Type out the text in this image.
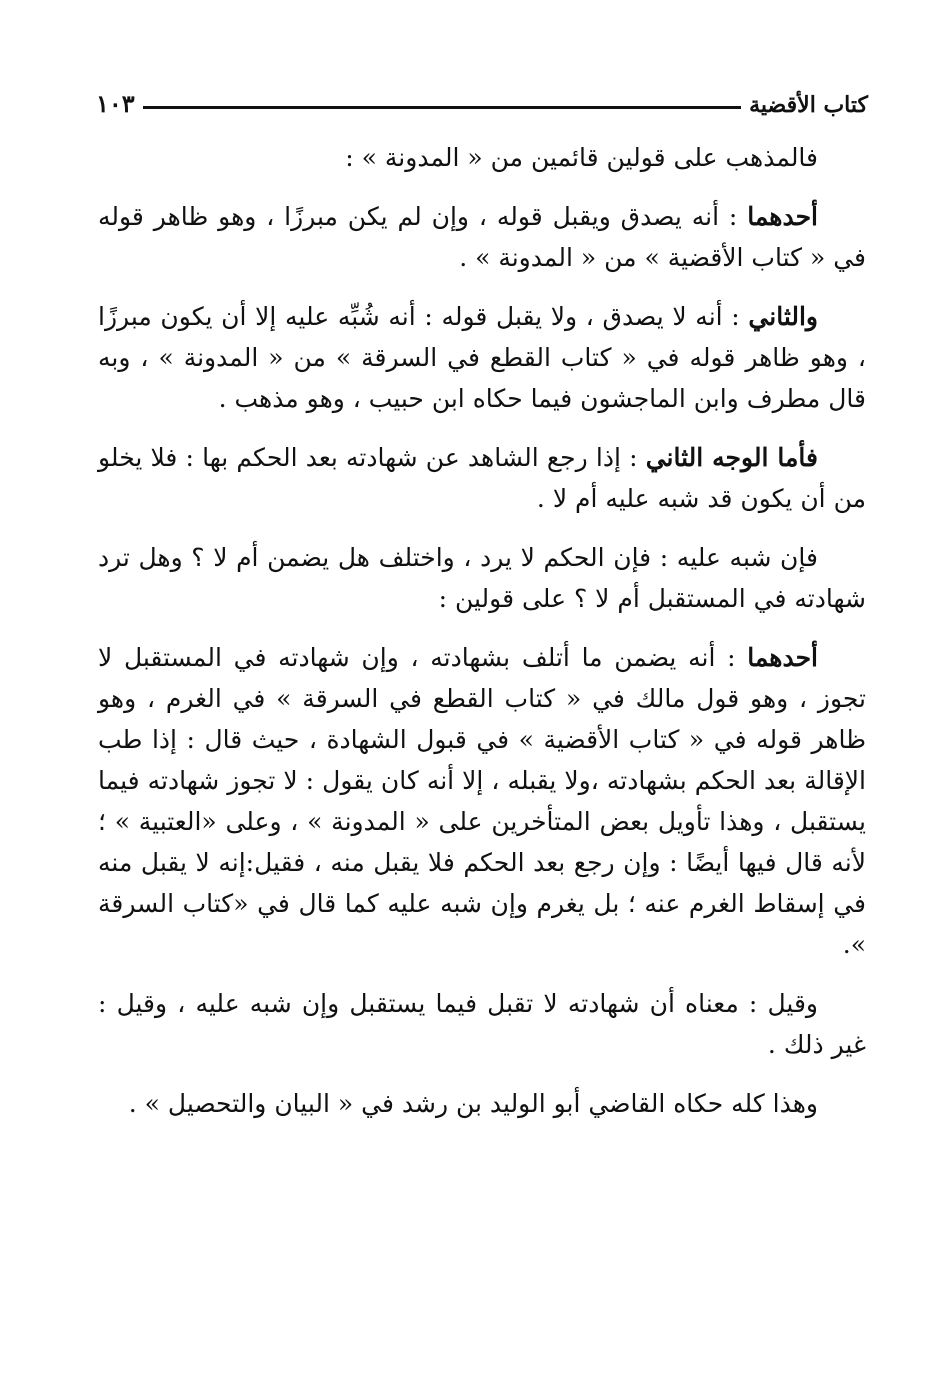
كتاب الأقضية
١٠٣

فالمذهب على قولين قائمين من « المدونة » :

أحدهما : أنه يصدق ويقبل قوله ، وإن لم يكن مبرزًا ، وهو ظاهر قوله في « كتاب الأقضية » من « المدونة » .

والثاني : أنه لا يصدق ، ولا يقبل قوله : أنه شُبِّه عليه إلا أن يكون مبرزًا ، وهو ظاهر قوله في « كتاب القطع في السرقة » من « المدونة » ، وبه قال مطرف وابن الماجشون فيما حكاه ابن حبيب ، وهو مذهب .

فأما الوجه الثاني : إذا رجع الشاهد عن شهادته بعد الحكم بها : فلا يخلو من أن يكون قد شبه عليه أم لا .

فإن شبه عليه : فإن الحكم لا يرد ، واختلف هل يضمن أم لا ؟ وهل ترد شهادته في المستقبل أم لا ؟ على قولين :

أحدهما : أنه يضمن ما أتلف بشهادته ، وإن شهادته في المستقبل لا تجوز ، وهو قول مالك في « كتاب القطع في السرقة » في الغرم ، وهو ظاهر قوله في « كتاب الأقضية » في قبول الشهادة ، حيث قال : إذا طب الإقالة بعد الحكم بشهادته ،ولا يقبله ، إلا أنه كان يقول : لا تجوز شهادته فيما يستقبل ، وهذا تأويل بعض المتأخرين على « المدونة » ، وعلى «العتبية » ؛ لأنه قال فيها أيضًا : وإن رجع بعد الحكم فلا يقبل منه ، فقيل:إنه لا يقبل منه في إسقاط الغرم عنه ؛ بل يغرم وإن شبه عليه كما قال في «كتاب السرقة ».

وقيل : معناه أن شهادته لا تقبل فيما يستقبل وإن شبه عليه ، وقيل : غير ذلك .

وهذا كله حكاه القاضي أبو الوليد بن رشد في « البيان والتحصيل » .
